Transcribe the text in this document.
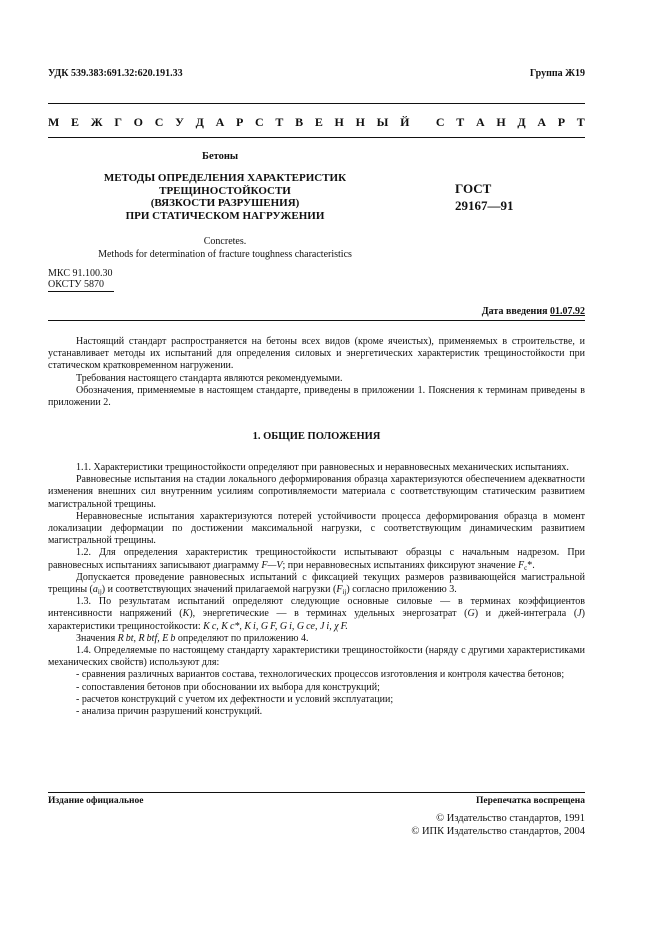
УДК 539.383:691.32:620.191.33	Группа Ж19
М Е Ж Г О С У Д А Р С Т В Е Н Н Ы Й
С Т А Н Д А Р Т
Бетоны
МЕТОДЫ ОПРЕДЕЛЕНИЯ ХАРАКТЕРИСТИК
ТРЕЩИНОСТОЙКОСТИ
(ВЯЗКОСТИ РАЗРУШЕНИЯ)
ПРИ СТАТИЧЕСКОМ НАГРУЖЕНИИ
ГОСТ
29167—91
Concretes.
Methods for determination of fracture toughness characteristics
МКС 91.100.30
ОКСТУ 5870
Дата введения 01.07.92

Настоящий стандарт распространяется на бетоны всех видов (кроме ячеистых), применяемых в строительстве, и устанавливает методы их испытаний для определения силовых и энергетических характеристик трещиностойкости при статическом кратковременном нагружении.

Требования настоящего стандарта являются рекомендуемыми.

Обозначения, применяемые в настоящем стандарте, приведены в приложении 1. Пояснения к терминам приведены в приложении 2.

1. ОБЩИЕ ПОЛОЖЕНИЯ

1.1. Характеристики трещиностойкости определяют при равновесных и неравновесных механических испытаниях.

Равновесные испытания на стадии локального деформирования образца характеризуются обеспечением адекватности изменения внешних сил внутренним усилиям сопротивляемости материала с соответствующим статическим развитием магистральной трещины.

Неравновесные испытания характеризуются потерей устойчивости процесса деформирования образца в момент локализации деформации по достижении максимальной нагрузки, с соответствующим динамическим развитием магистральной трещины.

1.2. Для определения характеристик трещиностойкости испытывают образцы с начальным надрезом. При равновесных испытаниях записывают диаграмму F—V; при неравновесных испытаниях фиксируют значение $F_c*$.

Допускается проведение равновесных испытаний с фиксацией текущих размеров развивающейся магистральной трещины $(a_{ij})$ и соответствующих значений прилагаемой нагрузки $(F_{ij})$ согласно приложению 3.

1.3. По результатам испытаний определяют следующие основные силовые — в терминах коэффициентов интенсивности напряжений (K), энергетические — в терминах удельных энергозатрат (G) и джей-интеграла (J) характеристики трещиностойкости: K c, K c*, K i, G F, G i, G ce, J i, χ F.

Значения R bt, R btf, E b определяют по приложению 4.

1.4. Определяемые по настоящему стандарту характеристики трещиностойкости (наряду с другими характеристиками механических свойств) используют для:

- сравнения различных вариантов состава, технологических процессов изготовления и контроля качества бетонов;

- сопоставления бетонов при обосновании их выбора для конструкций;

- расчетов конструкций с учетом их дефектности и условий эксплуатации;

- анализа причин разрушений конструкций.

Издание официальное	Перепечатка воспрещена
© Издательство стандартов, 1991
© ИПК Издательство стандартов, 2004
